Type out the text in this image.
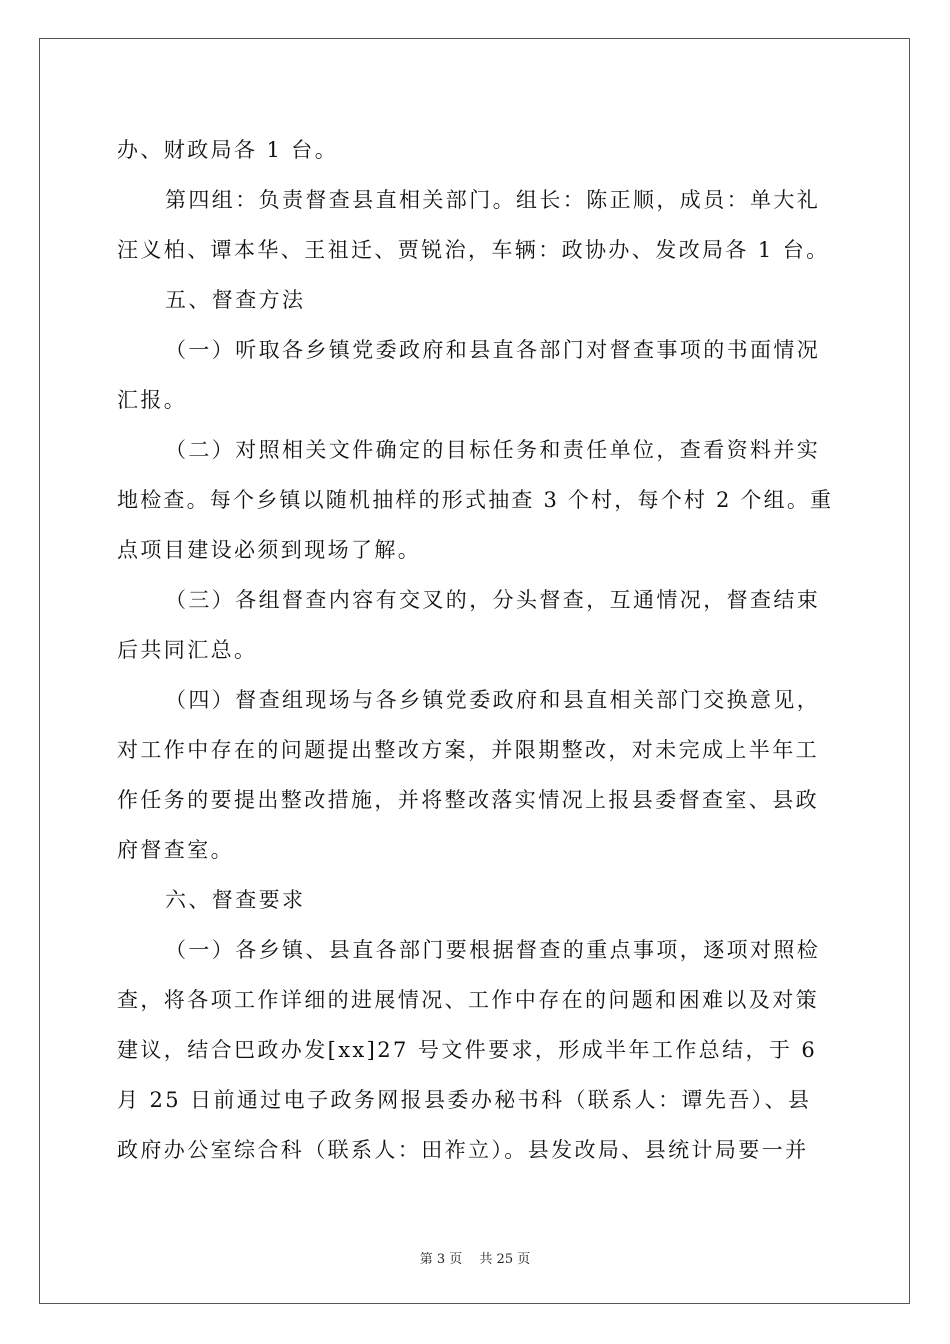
办、财政局各 1 台。
第四组：负责督查县直相关部门。组长：陈正顺，成员：单大礼
汪义柏、谭本华、王祖迁、贾锐治，车辆：政协办、发改局各 1 台。
五、督查方法
（一）听取各乡镇党委政府和县直各部门对督查事项的书面情况
汇报。
（二）对照相关文件确定的目标任务和责任单位，查看资料并实
地检查。每个乡镇以随机抽样的形式抽查 3 个村，每个村 2 个组。重
点项目建设必须到现场了解。
（三）各组督查内容有交叉的，分头督查，互通情况，督查结束
后共同汇总。
（四）督查组现场与各乡镇党委政府和县直相关部门交换意见，
对工作中存在的问题提出整改方案，并限期整改，对未完成上半年工
作任务的要提出整改措施，并将整改落实情况上报县委督查室、县政
府督查室。
六、督查要求
（一）各乡镇、县直各部门要根据督查的重点事项，逐项对照检
查，将各项工作详细的进展情况、工作中存在的问题和困难以及对策
建议，结合巴政办发[xx]27 号文件要求，形成半年工作总结，于 6
月 25 日前通过电子政务网报县委办秘书科（联系人：谭先吾）、县
政府办公室综合科（联系人：田祚立）。县发改局、县统计局要一并
第 3 页　 共 25 页
